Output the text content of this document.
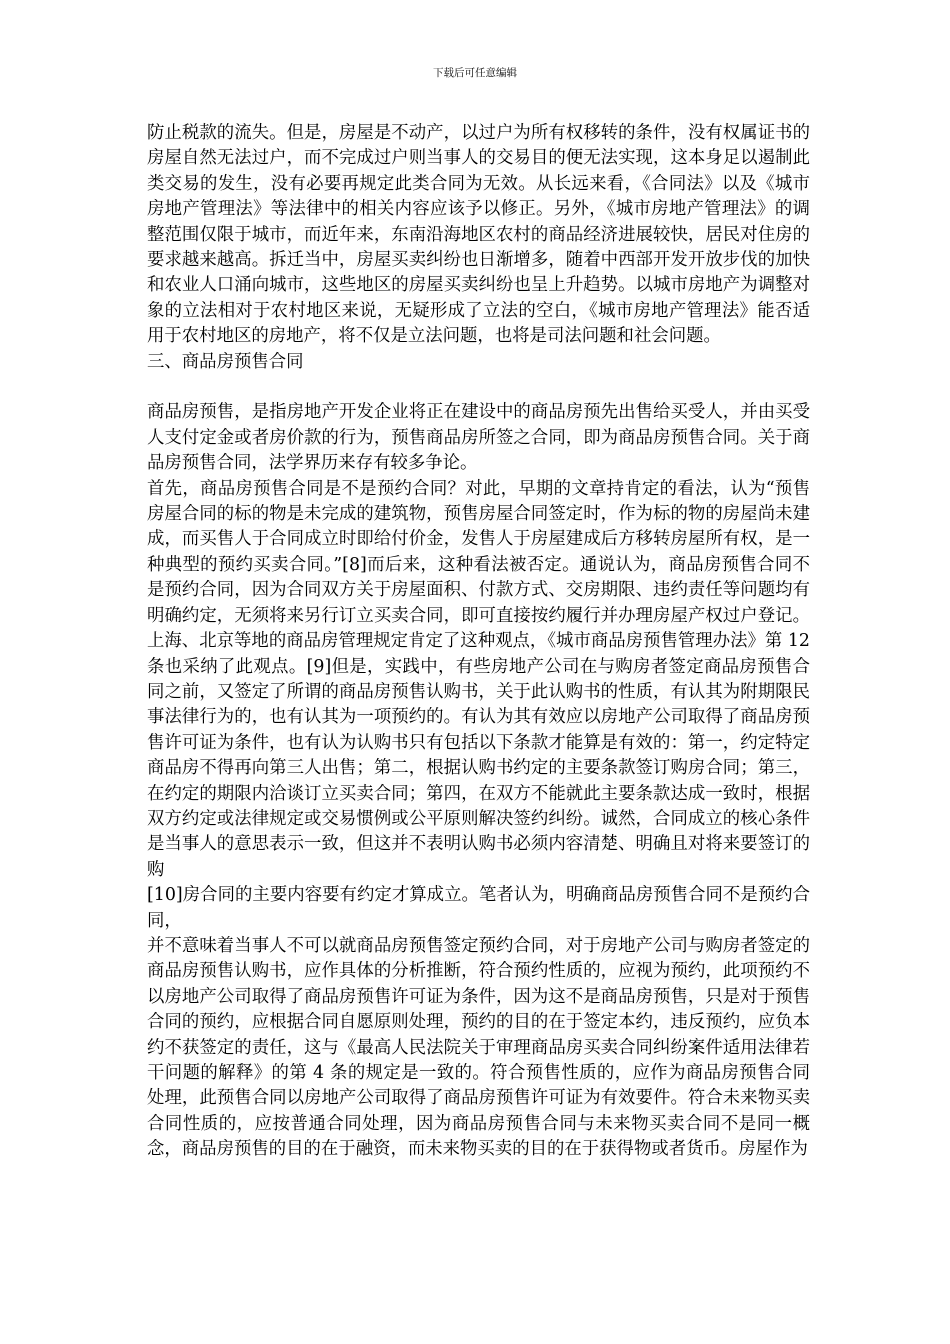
下载后可任意编辑

防止税款的流失。但是，房屋是不动产，以过户为所有权移转的条件，没有权属证书的房屋自然无法过户，而不完成过户则当事人的交易目的便无法实现，这本身足以遏制此类交易的发生，没有必要再规定此类合同为无效。从长远来看，《合同法》以及《城市房地产管理法》等法律中的相关内容应该予以修正。另外，《城市房地产管理法》的调整范围仅限于城市，而近年来，东南沿海地区农村的商品经济进展较快，居民对住房的要求越来越高。拆迁当中，房屋买卖纠纷也日渐增多，随着中西部开发开放步伐的加快和农业人口涌向城市，这些地区的房屋买卖纠纷也呈上升趋势。以城市房地产为调整对象的立法相对于农村地区来说，无疑形成了立法的空白，《城市房地产管理法》能否适用于农村地区的房地产，将不仅是立法问题，也将是司法问题和社会问题。

三、商品房预售合同

商品房预售，是指房地产开发企业将正在建设中的商品房预先出售给买受人，并由买受人支付定金或者房价款的行为，预售商品房所签之合同，即为商品房预售合同。关于商品房预售合同，法学界历来存有较多争论。

首先，商品房预售合同是不是预约合同？对此，早期的文章持肯定的看法，认为“预售房屋合同的标的物是未完成的建筑物，预售房屋合同签定时，作为标的物的房屋尚未建成，而买售人于合同成立时即给付价金，发售人于房屋建成后方移转房屋所有权，是一种典型的预约买卖合同。”[8]而后来，这种看法被否定。通说认为，商品房预售合同不是预约合同，因为合同双方关于房屋面积、付款方式、交房期限、违约责任等问题均有明确约定，无须将来另行订立买卖合同，即可直接按约履行并办理房屋产权过户登记。上海、北京等地的商品房管理规定肯定了这种观点，《城市商品房预售管理办法》第 12 条也采纳了此观点。[9]但是，实践中，有些房地产公司在与购房者签定商品房预售合同之前，又签定了所谓的商品房预售认购书，关于此认购书的性质，有认其为附期限民事法律行为的，也有认其为一项预约的。有认为其有效应以房地产公司取得了商品房预售许可证为条件，也有认为认购书只有包括以下条款才能算是有效的：第一，约定特定商品房不得再向第三人出售；第二，根据认购书约定的主要条款签订购房合同；第三，在约定的期限内洽谈订立买卖合同；第四，在双方不能就此主要条款达成一致时，根据双方约定或法律规定或交易惯例或公平原则解决签约纠纷。诚然，合同成立的核心条件是当事人的意思表示一致，但这并不表明认购书必须内容清楚、明确且对将来要签订的购

[10]房合同的主要内容要有约定才算成立。笔者认为，明确商品房预售合同不是预约合同，

并不意味着当事人不可以就商品房预售签定预约合同，对于房地产公司与购房者签定的商品房预售认购书，应作具体的分析推断，符合预约性质的，应视为预约，此项预约不以房地产公司取得了商品房预售许可证为条件，因为这不是商品房预售，只是对于预售合同的预约，应根据合同自愿原则处理，预约的目的在于签定本约，违反预约，应负本约不获签定的责任，这与《最高人民法院关于审理商品房买卖合同纠纷案件适用法律若干问题的解释》的第 4 条的规定是一致的。符合预售性质的，应作为商品房预售合同处理，此预售合同以房地产公司取得了商品房预售许可证为有效要件。符合未来物买卖合同性质的，应按普通合同处理，因为商品房预售合同与未来物买卖合同不是同一概念，商品房预售的目的在于融资，而未来物买卖的目的在于获得物或者货币。房屋作为
